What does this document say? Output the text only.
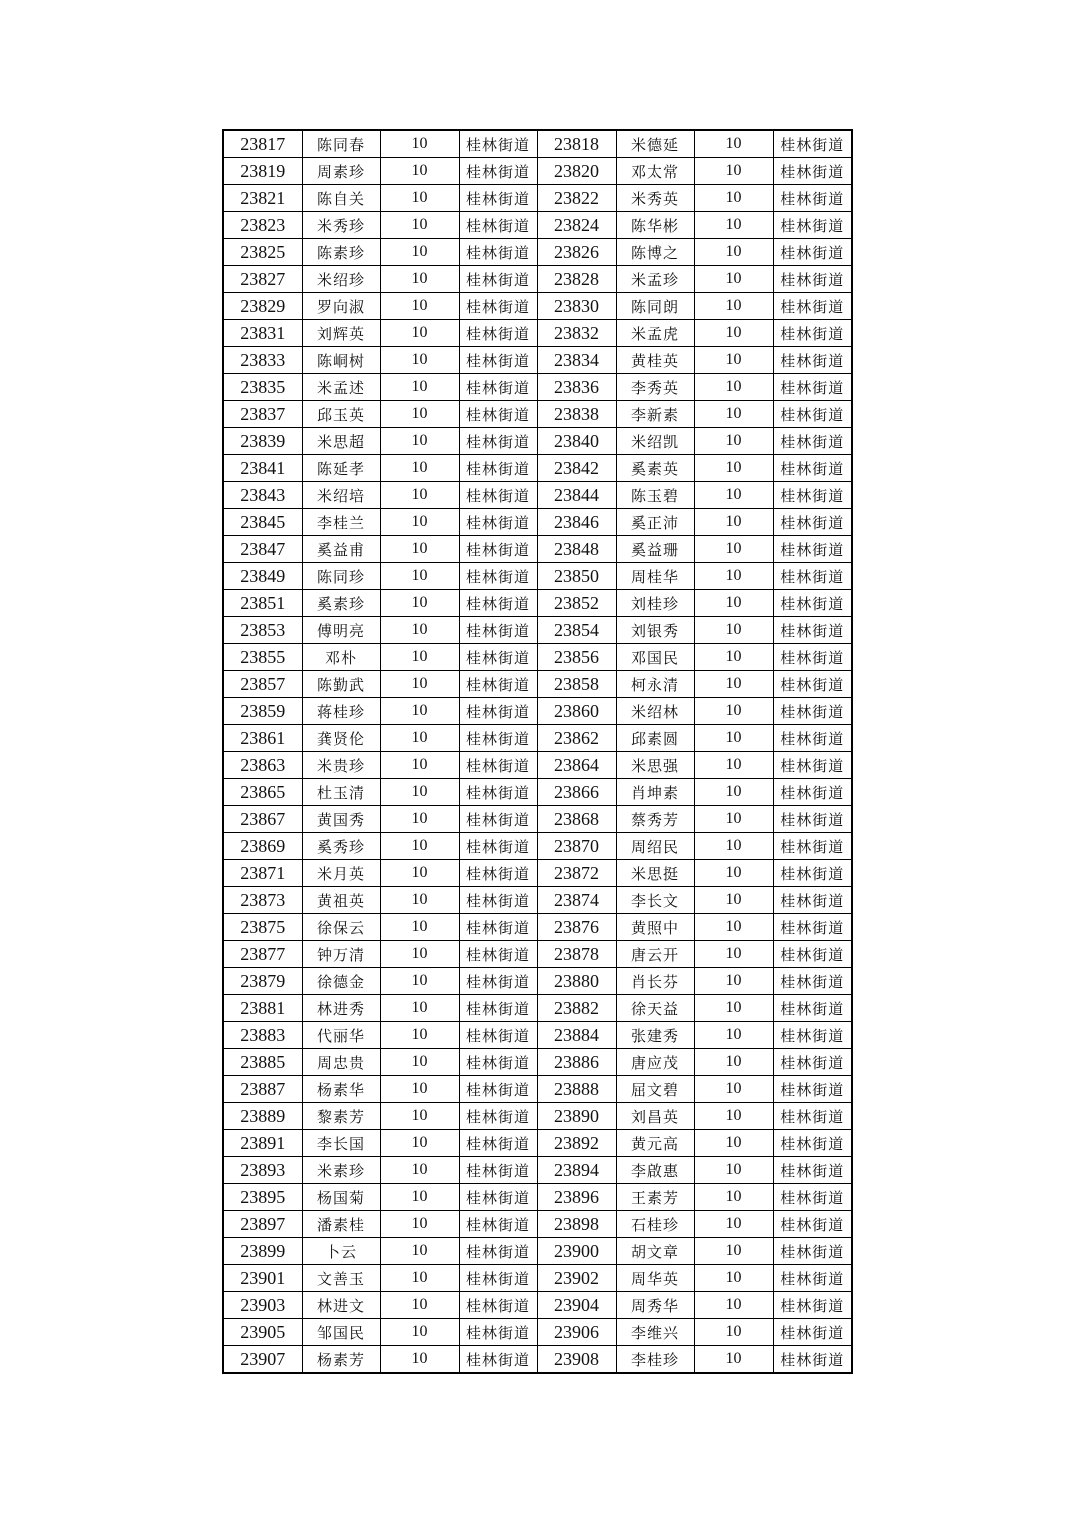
23817	陈同春	10	桂林街道	23818	米德延	10	桂林街道
23819	周素珍	10	桂林街道	23820	邓太常	10	桂林街道
23821	陈自关	10	桂林街道	23822	米秀英	10	桂林街道
23823	米秀珍	10	桂林街道	23824	陈华彬	10	桂林街道
23825	陈素珍	10	桂林街道	23826	陈博之	10	桂林街道
23827	米绍珍	10	桂林街道	23828	米孟珍	10	桂林街道
23829	罗向淑	10	桂林街道	23830	陈同朗	10	桂林街道
23831	刘辉英	10	桂林街道	23832	米孟虎	10	桂林街道
23833	陈峒树	10	桂林街道	23834	黄桂英	10	桂林街道
23835	米孟述	10	桂林街道	23836	李秀英	10	桂林街道
23837	邱玉英	10	桂林街道	23838	李新素	10	桂林街道
23839	米思超	10	桂林街道	23840	米绍凯	10	桂林街道
23841	陈延孝	10	桂林街道	23842	奚素英	10	桂林街道
23843	米绍培	10	桂林街道	23844	陈玉碧	10	桂林街道
23845	李桂兰	10	桂林街道	23846	奚正沛	10	桂林街道
23847	奚益甫	10	桂林街道	23848	奚益珊	10	桂林街道
23849	陈同珍	10	桂林街道	23850	周桂华	10	桂林街道
23851	奚素珍	10	桂林街道	23852	刘桂珍	10	桂林街道
23853	傅明亮	10	桂林街道	23854	刘银秀	10	桂林街道
23855	邓朴	10	桂林街道	23856	邓国民	10	桂林街道
23857	陈勤武	10	桂林街道	23858	柯永清	10	桂林街道
23859	蒋桂珍	10	桂林街道	23860	米绍林	10	桂林街道
23861	龚贤伦	10	桂林街道	23862	邱素圆	10	桂林街道
23863	米贵珍	10	桂林街道	23864	米思强	10	桂林街道
23865	杜玉清	10	桂林街道	23866	肖坤素	10	桂林街道
23867	黄国秀	10	桂林街道	23868	蔡秀芳	10	桂林街道
23869	奚秀珍	10	桂林街道	23870	周绍民	10	桂林街道
23871	米月英	10	桂林街道	23872	米思挺	10	桂林街道
23873	黄祖英	10	桂林街道	23874	李长文	10	桂林街道
23875	徐保云	10	桂林街道	23876	黄照中	10	桂林街道
23877	钟万清	10	桂林街道	23878	唐云开	10	桂林街道
23879	徐德金	10	桂林街道	23880	肖长芬	10	桂林街道
23881	林进秀	10	桂林街道	23882	徐天益	10	桂林街道
23883	代丽华	10	桂林街道	23884	张建秀	10	桂林街道
23885	周忠贵	10	桂林街道	23886	唐应茂	10	桂林街道
23887	杨素华	10	桂林街道	23888	屈文碧	10	桂林街道
23889	黎素芳	10	桂林街道	23890	刘昌英	10	桂林街道
23891	李长国	10	桂林街道	23892	黄元高	10	桂林街道
23893	米素珍	10	桂林街道	23894	李啟惠	10	桂林街道
23895	杨国菊	10	桂林街道	23896	王素芳	10	桂林街道
23897	潘素桂	10	桂林街道	23898	石桂珍	10	桂林街道
23899	卜云	10	桂林街道	23900	胡文章	10	桂林街道
23901	文善玉	10	桂林街道	23902	周华英	10	桂林街道
23903	林进文	10	桂林街道	23904	周秀华	10	桂林街道
23905	邹国民	10	桂林街道	23906	李维兴	10	桂林街道
23907	杨素芳	10	桂林街道	23908	李桂珍	10	桂林街道
